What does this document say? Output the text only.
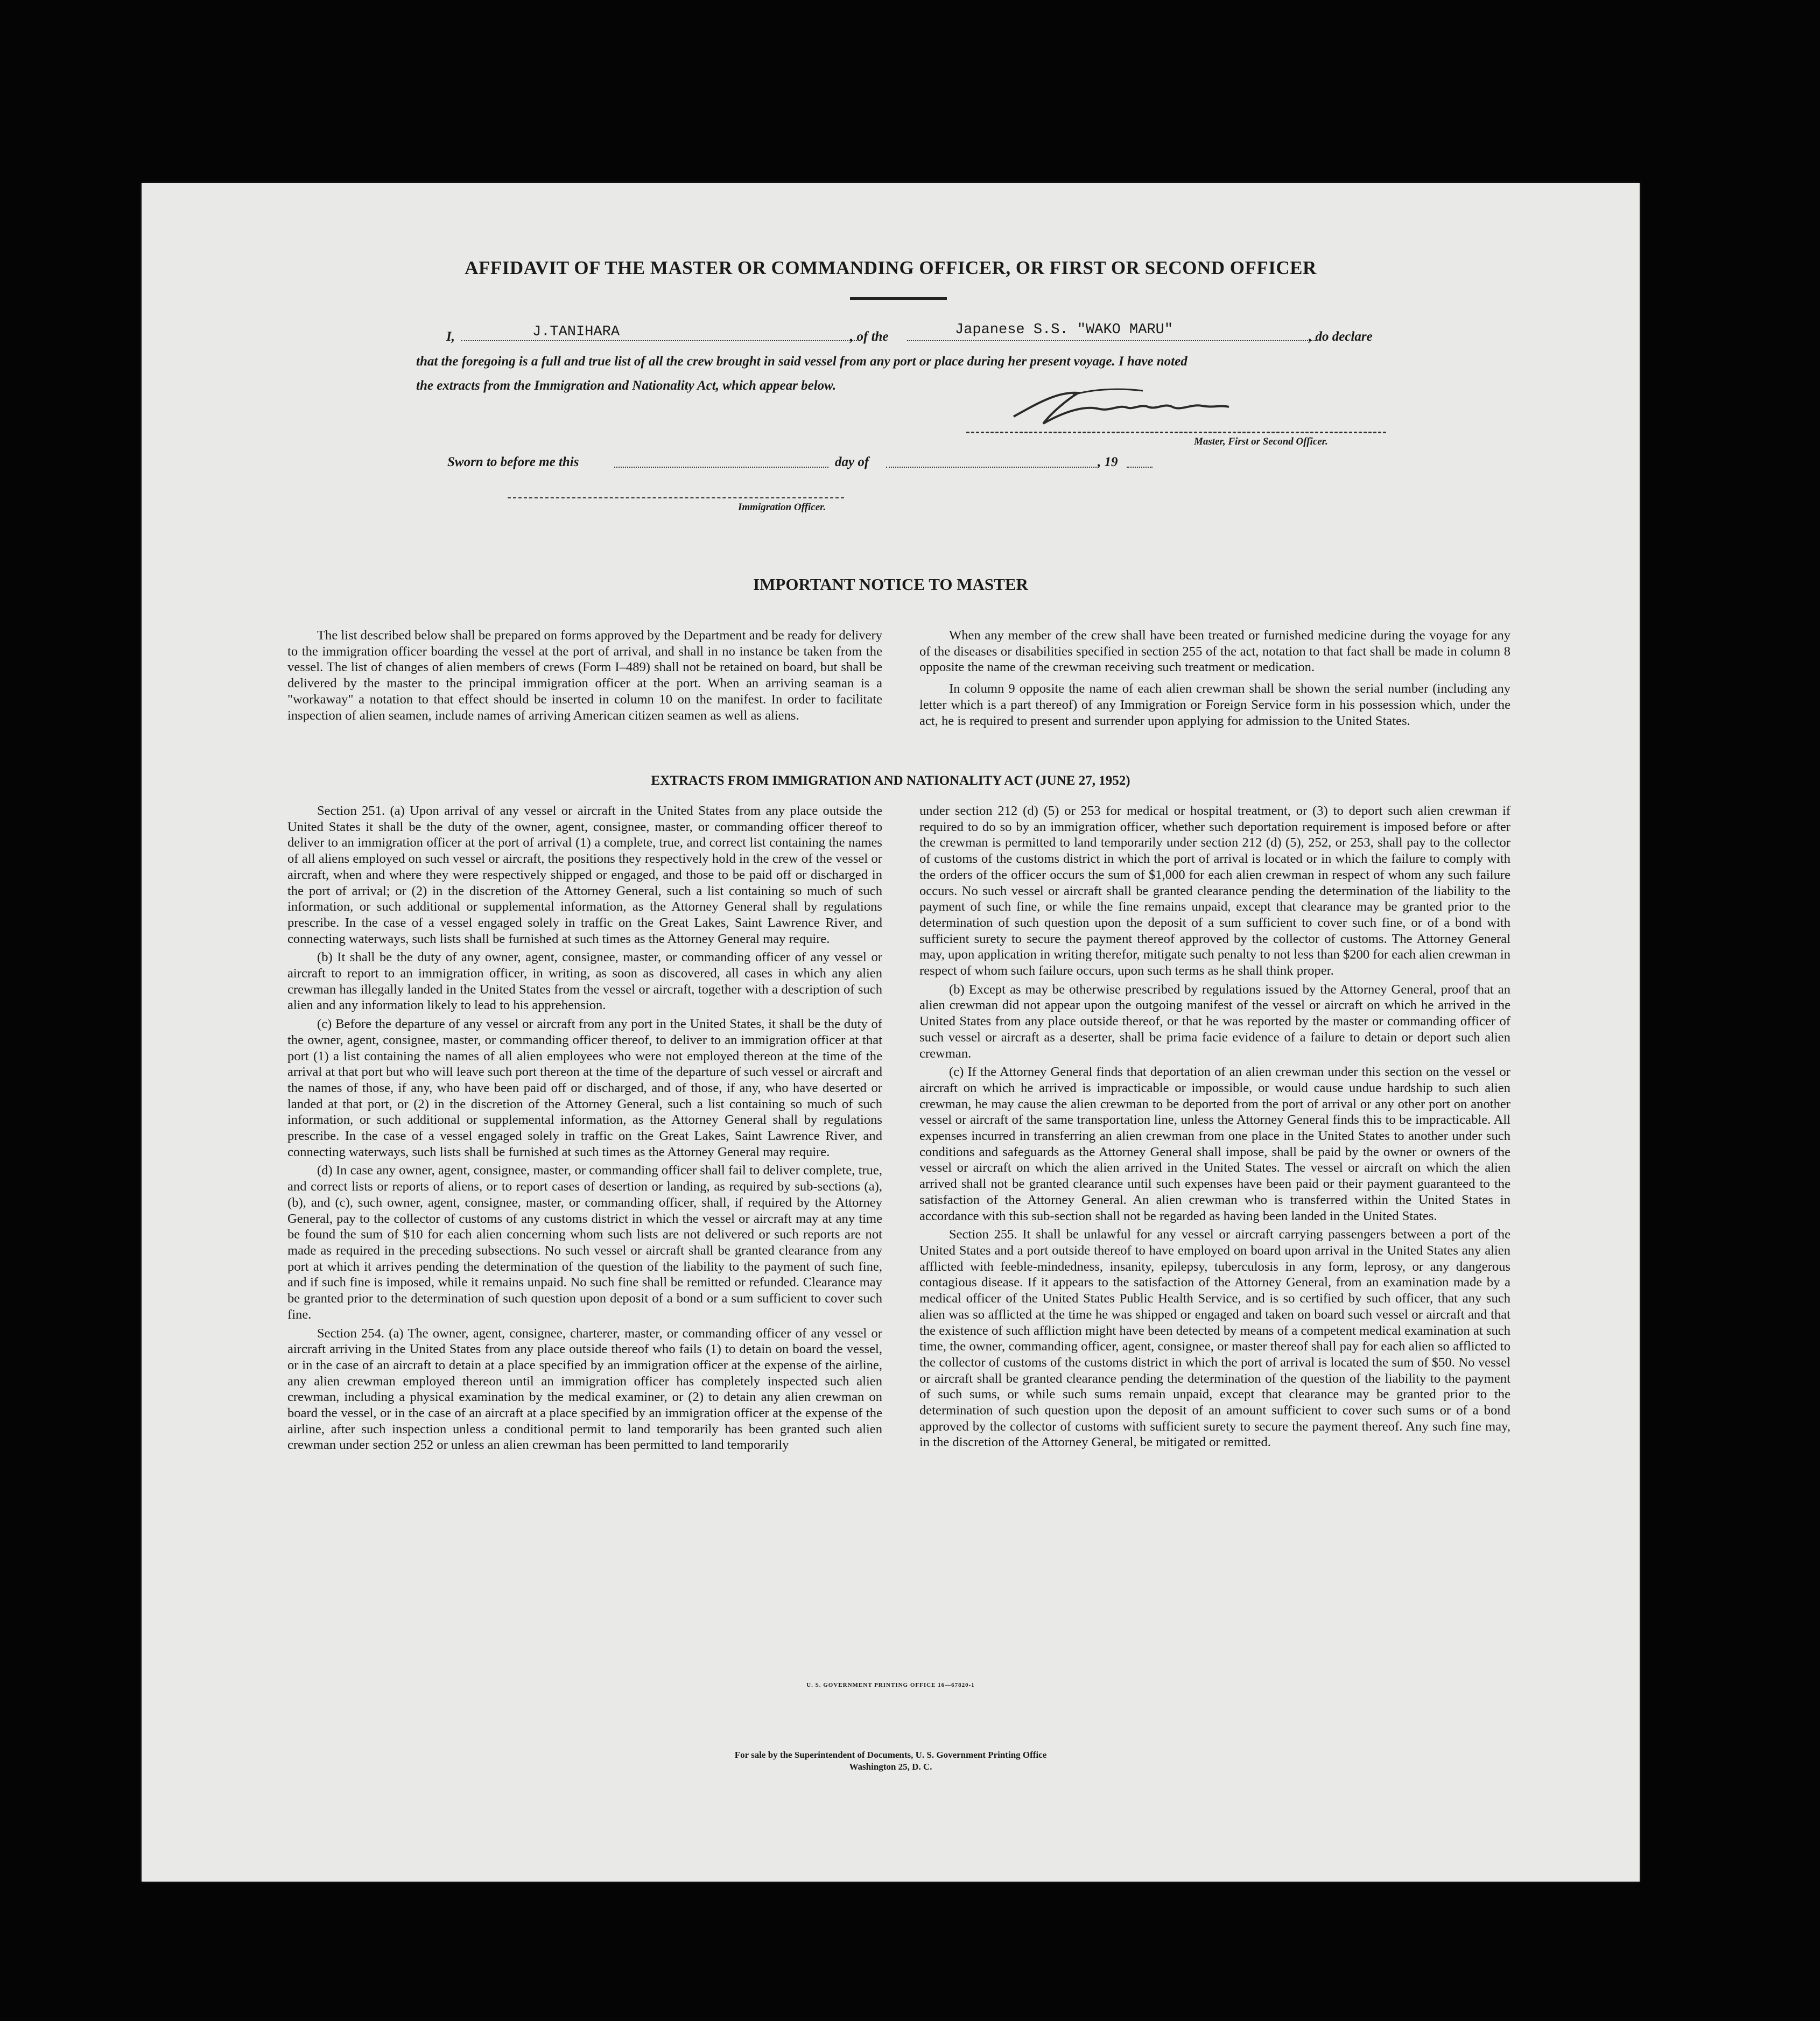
AFFIDAVIT OF THE MASTER OR COMMANDING OFFICER, OR FIRST OR SECOND OFFICER
I,	J.TANIHARA	, of the	Japanese S.S. "WAKO MARU"	, do declare
that the foregoing is a full and true list of all the crew brought in said vessel from any port or place during her present voyage. I have noted
the extracts from the Immigration and Nationality Act, which appear below.
Master, First or Second Officer.
Sworn to before me this	day of	, 19
Immigration Officer.
IMPORTANT NOTICE TO MASTER

The list described below shall be prepared on forms approved by the Department and be ready for delivery to the immigration officer boarding the vessel at the port of arrival, and shall in no instance be taken from the vessel. The list of changes of alien members of crews (Form I–489) shall not be retained on board, but shall be delivered by the master to the principal immigration officer at the port. When an arriving seaman is a "workaway" a notation to that effect should be inserted in column 10 on the manifest. In order to facilitate inspection of alien seamen, include names of arriving American citizen seamen as well as aliens.

When any member of the crew shall have been treated or furnished medicine during the voyage for any of the diseases or disabilities specified in section 255 of the act, notation to that fact shall be made in column 8 opposite the name of the crewman receiving such treatment or medication.

In column 9 opposite the name of each alien crewman shall be shown the serial number (including any letter which is a part thereof) of any Immigration or Foreign Service form in his possession which, under the act, he is required to present and surrender upon applying for admission to the United States.

EXTRACTS FROM IMMIGRATION AND NATIONALITY ACT (JUNE 27, 1952)

Section 251. (a) Upon arrival of any vessel or aircraft in the United States from any place outside the United States it shall be the duty of the owner, agent, consignee, master, or commanding officer thereof to deliver to an immigration officer at the port of arrival (1) a complete, true, and correct list containing the names of all aliens employed on such vessel or aircraft, the positions they respectively hold in the crew of the vessel or aircraft, when and where they were respectively shipped or engaged, and those to be paid off or discharged in the port of arrival; or (2) in the discretion of the Attorney General, such a list containing so much of such information, or such additional or supplemental information, as the Attorney General shall by regulations prescribe. In the case of a vessel engaged solely in traffic on the Great Lakes, Saint Lawrence River, and connecting waterways, such lists shall be furnished at such times as the Attorney General may require.

(b) It shall be the duty of any owner, agent, consignee, master, or commanding officer of any vessel or aircraft to report to an immigration officer, in writing, as soon as discovered, all cases in which any alien crewman has illegally landed in the United States from the vessel or aircraft, together with a description of such alien and any information likely to lead to his apprehension.

(c) Before the departure of any vessel or aircraft from any port in the United States, it shall be the duty of the owner, agent, consignee, master, or commanding officer thereof, to deliver to an immigration officer at that port (1) a list containing the names of all alien employees who were not employed thereon at the time of the arrival at that port but who will leave such port thereon at the time of the departure of such vessel or aircraft and the names of those, if any, who have been paid off or discharged, and of those, if any, who have deserted or landed at that port, or (2) in the discretion of the Attorney General, such a list containing so much of such information, or such additional or supplemental information, as the Attorney General shall by regulations prescribe. In the case of a vessel engaged solely in traffic on the Great Lakes, Saint Lawrence River, and connecting waterways, such lists shall be furnished at such times as the Attorney General may require.

(d) In case any owner, agent, consignee, master, or commanding officer shall fail to deliver complete, true, and correct lists or reports of aliens, or to report cases of desertion or landing, as required by sub-sections (a), (b), and (c), such owner, agent, consignee, master, or commanding officer, shall, if required by the Attorney General, pay to the collector of customs of any customs district in which the vessel or aircraft may at any time be found the sum of $10 for each alien concerning whom such lists are not delivered or such reports are not made as required in the preceding subsections. No such vessel or aircraft shall be granted clearance from any port at which it arrives pending the determination of the question of the liability to the payment of such fine, and if such fine is imposed, while it remains unpaid. No such fine shall be remitted or refunded. Clearance may be granted prior to the determination of such question upon deposit of a bond or a sum sufficient to cover such fine.

Section 254. (a) The owner, agent, consignee, charterer, master, or commanding officer of any vessel or aircraft arriving in the United States from any place outside thereof who fails (1) to detain on board the vessel, or in the case of an aircraft to detain at a place specified by an immigration officer at the expense of the airline, any alien crewman employed thereon until an immigration officer has completely inspected such alien crewman, including a physical examination by the medical examiner, or (2) to detain any alien crewman on board the vessel, or in the case of an aircraft at a place specified by an immigration officer at the expense of the airline, after such inspection unless a conditional permit to land temporarily has been granted such alien crewman under section 252 or unless an alien crewman has been permitted to land temporarily

under section 212 (d) (5) or 253 for medical or hospital treatment, or (3) to deport such alien crewman if required to do so by an immigration officer, whether such deportation requirement is imposed before or after the crewman is permitted to land temporarily under section 212 (d) (5), 252, or 253, shall pay to the collector of customs of the customs district in which the port of arrival is located or in which the failure to comply with the orders of the officer occurs the sum of $1,000 for each alien crewman in respect of whom any such failure occurs. No such vessel or aircraft shall be granted clearance pending the determination of the liability to the payment of such fine, or while the fine remains unpaid, except that clearance may be granted prior to the determination of such question upon the deposit of a sum sufficient to cover such fine, or of a bond with sufficient surety to secure the payment thereof approved by the collector of customs. The Attorney General may, upon application in writing therefor, mitigate such penalty to not less than $200 for each alien crewman in respect of whom such failure occurs, upon such terms as he shall think proper.

(b) Except as may be otherwise prescribed by regulations issued by the Attorney General, proof that an alien crewman did not appear upon the outgoing manifest of the vessel or aircraft on which he arrived in the United States from any place outside thereof, or that he was reported by the master or commanding officer of such vessel or aircraft as a deserter, shall be prima facie evidence of a failure to detain or deport such alien crewman.

(c) If the Attorney General finds that deportation of an alien crewman under this section on the vessel or aircraft on which he arrived is impracticable or impossible, or would cause undue hardship to such alien crewman, he may cause the alien crewman to be deported from the port of arrival or any other port on another vessel or aircraft of the same transportation line, unless the Attorney General finds this to be impracticable. All expenses incurred in transferring an alien crewman from one place in the United States to another under such conditions and safeguards as the Attorney General shall impose, shall be paid by the owner or owners of the vessel or aircraft on which the alien arrived in the United States. The vessel or aircraft on which the alien arrived shall not be granted clearance until such expenses have been paid or their payment guaranteed to the satisfaction of the Attorney General. An alien crewman who is transferred within the United States in accordance with this sub-section shall not be regarded as having been landed in the United States.

Section 255. It shall be unlawful for any vessel or aircraft carrying passengers between a port of the United States and a port outside thereof to have employed on board upon arrival in the United States any alien afflicted with feeble-mindedness, insanity, epilepsy, tuberculosis in any form, leprosy, or any dangerous contagious disease. If it appears to the satisfaction of the Attorney General, from an examination made by a medical officer of the United States Public Health Service, and is so certified by such officer, that any such alien was so afflicted at the time he was shipped or engaged and taken on board such vessel or aircraft and that the existence of such affliction might have been detected by means of a competent medical examination at such time, the owner, commanding officer, agent, consignee, or master thereof shall pay for each alien so afflicted to the collector of customs of the customs district in which the port of arrival is located the sum of $50. No vessel or aircraft shall be granted clearance pending the determination of the question of the liability to the payment of such sums, or while such sums remain unpaid, except that clearance may be granted prior to the determination of such question upon the deposit of an amount sufficient to cover such sums or of a bond approved by the collector of customs with sufficient surety to secure the payment thereof. Any such fine may, in the discretion of the Attorney General, be mitigated or remitted.

U. S. GOVERNMENT PRINTING OFFICE 16—67820-1
For sale by the Superintendent of Documents, U. S. Government Printing Office
Washington 25, D. C.
